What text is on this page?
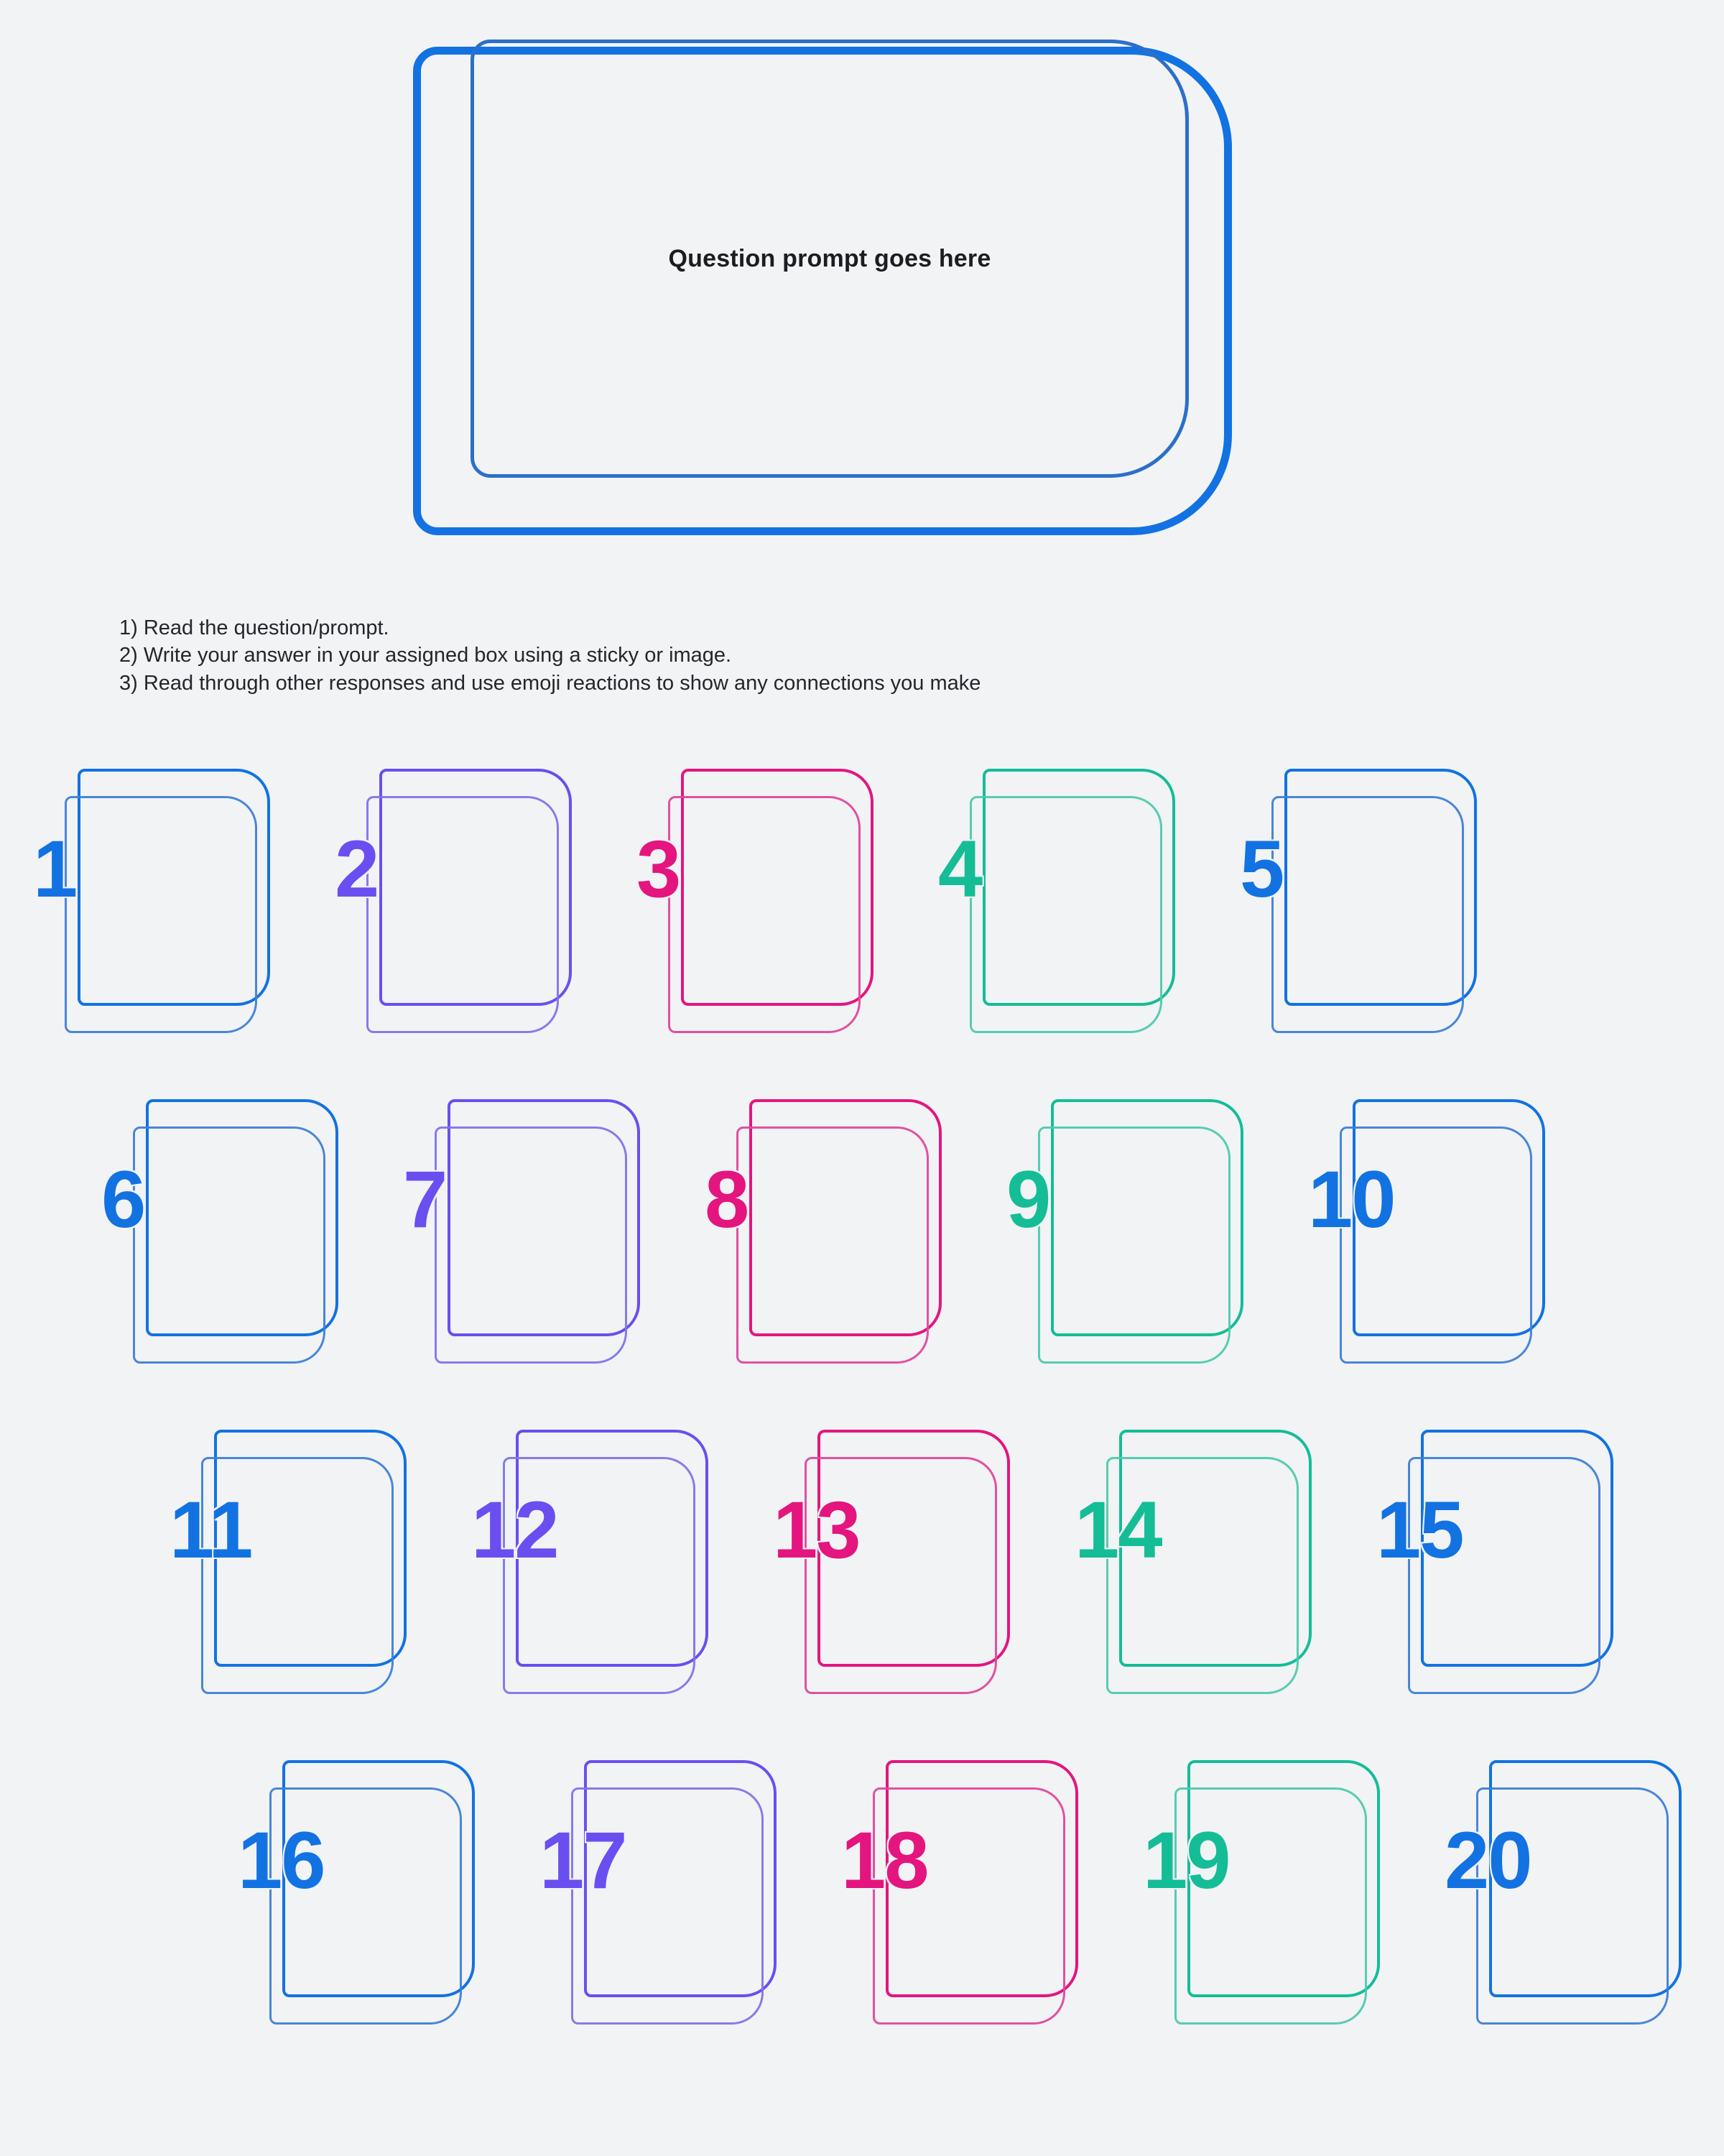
Question prompt goes here
1) Read the question/prompt.
2) Write your answer in your assigned box using a sticky or image.
3) Read through other responses and use emoji reactions to show any connections you make
1	2	3	4	5
6	7	8	9	10
11	12	13	14	15
16	17	18	19	20
